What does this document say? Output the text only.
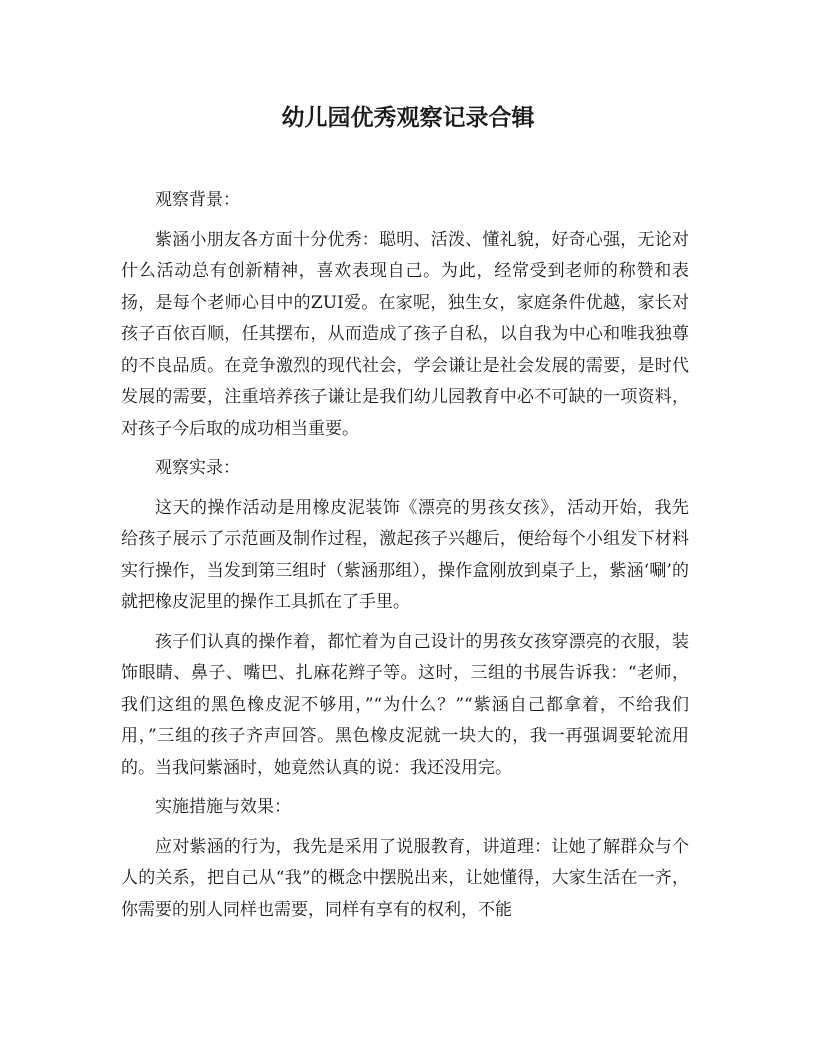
幼儿园优秀观察记录合辑

观察背景：

紫涵小朋友各方面十分优秀：聪明、活泼、懂礼貌，好奇心强，无论对什么活动总有创新精神，喜欢表现自己。为此，经常受到老师的称赞和表扬，是每个老师心目中的ZUI爱。在家呢，独生女，家庭条件优越，家长对孩子百依百顺，任其摆布，从而造成了孩子自私，以自我为中心和唯我独尊的不良品质。在竞争激烈的现代社会，学会谦让是社会发展的需要，是时代发展的需要，注重培养孩子谦让是我们幼儿园教育中必不可缺的一项资料，对孩子今后取的成功相当重要。

观察实录：

这天的操作活动是用橡皮泥装饰《漂亮的男孩女孩》，活动开始，我先给孩子展示了示范画及制作过程，激起孩子兴趣后，便给每个小组发下材料实行操作，当发到第三组时（紫涵那组），操作盒刚放到桌子上，紫涵‘唰’的就把橡皮泥里的操作工具抓在了手里。

孩子们认真的操作着，都忙着为自己设计的男孩女孩穿漂亮的衣服，装饰眼睛、鼻子、嘴巴、扎麻花辫子等。这时，三组的书展告诉我：“老师，我们这组的黑色橡皮泥不够用，”“为什么？”“紫涵自己都拿着，不给我们用，”三组的孩子齐声回答。黑色橡皮泥就一块大的，我一再强调要轮流用的。当我问紫涵时，她竟然认真的说：我还没用完。

实施措施与效果：

应对紫涵的行为，我先是采用了说服教育，讲道理：让她了解群众与个人的关系，把自己从“我”的概念中摆脱出来，让她懂得，大家生活在一齐，你需要的别人同样也需要，同样有享有的权利，不能
